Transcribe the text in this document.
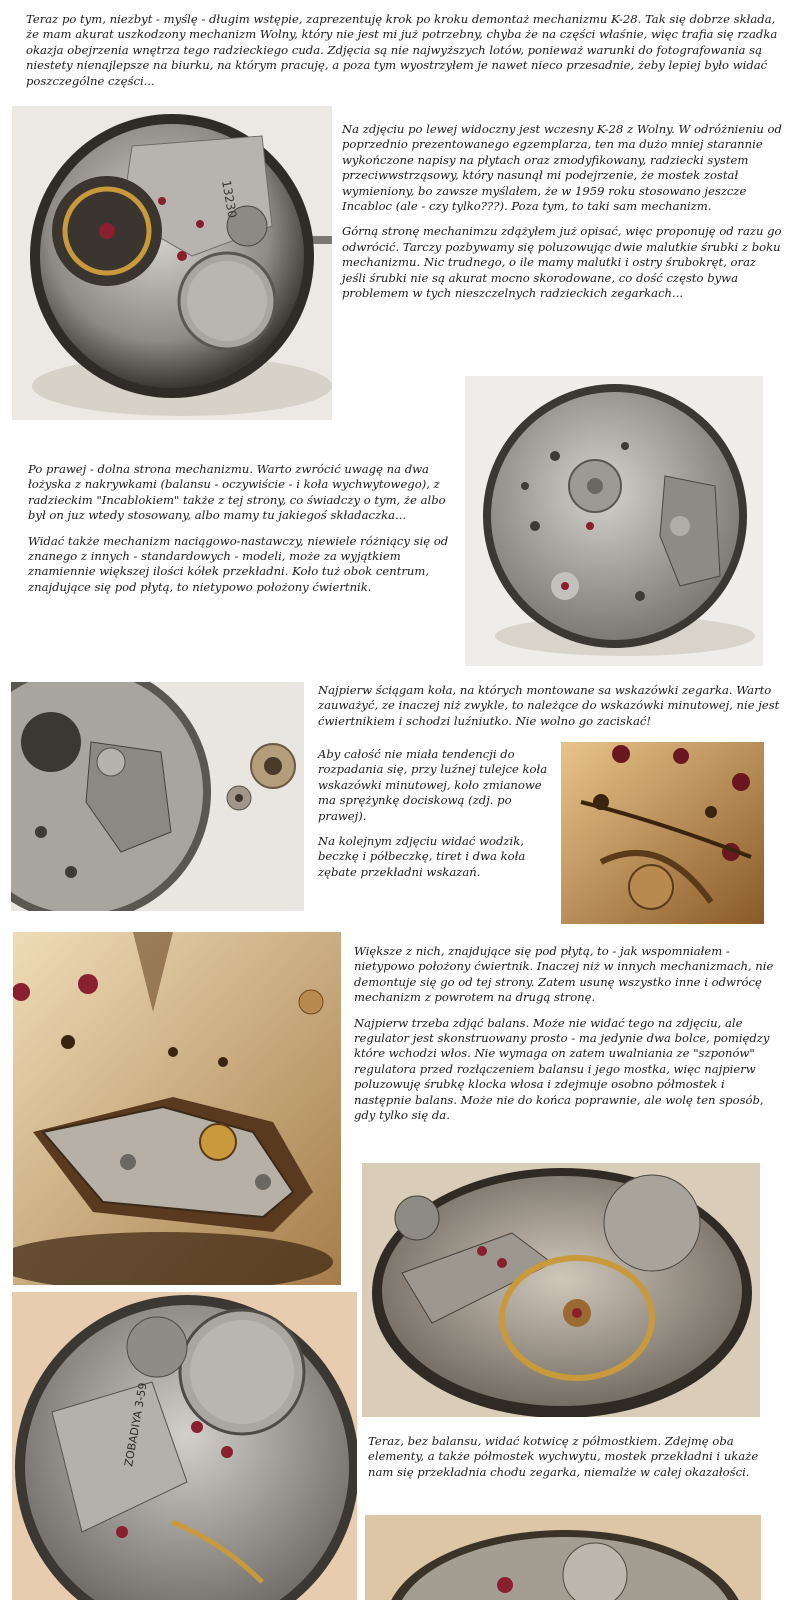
Teraz po tym, niezbyt - myślę - długim wstępie, zaprezentuję krok po kroku demontaż mechanizmu K-28. Tak się dobrze składa, że mam akurat uszkodzony mechanizm Wolny, który nie jest mi już potrzebny, chyba że na części właśnie, więc trafia się rzadka okazja obejrzenia wnętrza tego radzieckiego cuda. Zdjęcia są nie najwyższych lotów, ponieważ warunki do fotografowania są niestety nienajlepsze na biurku, na którym pracuję, a poza tym wyostrzyłem je nawet nieco przesadnie, żeby lepiej było widać poszczególne części...
13230

Na zdjęciu po lewej widoczny jest wczesny K-28 z Wolny. W odróżnieniu od poprzednio prezentowanego egzemplarza, ten ma dużo mniej starannie wykończone napisy na płytach oraz zmodyfikowany, radziecki system przeciwwstrząsowy, który nasunął mi podejrzenie, że mostek został wymieniony, bo zawsze myślałem, że w 1959 roku stosowano jeszcze Incabloc (ale - czy tylko???). Poza tym, to taki sam mechanizm.

Górną stronę mechanimzu zdążyłem już opisać, więc proponuję od razu go odwrócić. Tarczy pozbywamy się poluzowując dwie malutkie śrubki z boku mechanizmu. Nic trudnego, o ile mamy malutki i ostry śrubokręt, oraz jeśli śrubki nie są akurat mocno skorodowane, co dość często bywa problemem w tych nieszczelnych radzieckich zegarkach...

Po prawej - dolna strona mechanizmu. Warto zwrócić uwagę na dwa łożyska z nakrywkami (balansu - oczywiście - i koła wychwytowego), z radzieckim "Incablokiem" także z tej strony, co świadczy o tym, że albo był on juz wtedy stosowany, albo mamy tu jakiegoś składaczka...

Widać także mechanizm naciągowo-nastawczy, niewiele różniący się od znanego z innych - standardowych - modeli, może za wyjątkiem znamiennie większej ilości kółek przekładni. Koło tuż obok centrum, znajdujące się pod płytą, to nietypowo położony ćwiertnik.

Najpierw ściągam koła, na których montowane sa wskazówki zegarka. Warto zauważyć, ze inaczej niż zwykle, to należące do wskazówki minutowej, nie jest ćwiertnikiem i schodzi luźniutko. Nie wolno go zaciskać!

Aby całość nie miała tendencji do rozpadania się, przy luźnej tulejce koła wskazówki minutowej, koło zmianowe ma sprężynkę dociskową (zdj. po prawej).

Na kolejnym zdjęciu widać wodzik, beczkę i półbeczkę, tiret i dwa koła zębate przekładni wskazań.

Większe z nich, znajdujące się pod płytą, to - jak wspomniałem - nietypowo położony ćwiertnik. Inaczej niż w innych mechanizmach, nie demontuje się go od tej strony. Zatem usunę wszystko inne i odwrócę mechanizm z powrotem na drugą stronę.

Najpierw trzeba zdjąć balans. Może nie widać tego na zdjęciu, ale regulator jest skonstruowany prosto - ma jedynie dwa bolce, pomiędzy które wchodzi włos. Nie wymaga on zatem uwalniania ze "szponów" regulatora przed rozłączeniem balansu i jego mostka, więc najpierw poluzowuję śrubkę klocka włosa i zdejmuje osobno półmostek i następnie balans. Może nie do końca poprawnie, ale wolę ten sposób, gdy tylko się da.

ZOBADIYA 3-59	Teraz, bez balansu, widać kotwicę z półmostkiem. Zdejmę oba elementy, a także półmostek wychwytu, mostek przekładni i ukaże nam się przekładnia chodu zegarka, niemalże w całej okazałości.
